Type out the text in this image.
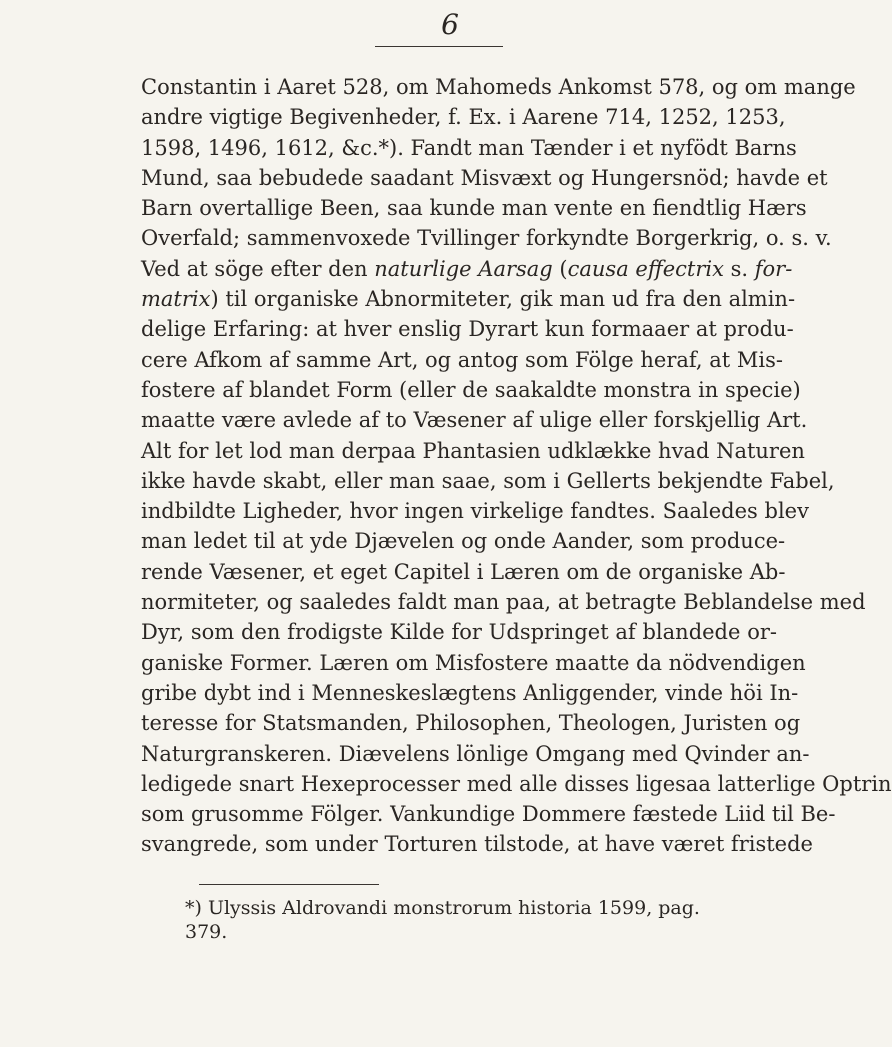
6
Constantin i Aaret 528, om Mahomeds Ankomst 578, og om mange
andre vigtige Begivenheder, f. Ex. i Aarene 714, 1252, 1253,
1598, 1496, 1612, &c.*). Fandt man Tænder i et nyfödt Barns
Mund, saa bebudede saadant Misvæxt og Hungersnöd; havde et
Barn overtallige Been, saa kunde man vente en fiendtlig Hærs
Overfald; sammenvoxede Tvillinger forkyndte Borgerkrig, o. s. v.
Ved at söge efter den naturlige Aarsag (causa effectrix s. for-
matrix) til organiske Abnormiteter, gik man ud fra den almin-
delige Erfaring: at hver enslig Dyrart kun formaaer at produ-
cere Afkom af samme Art, og antog som Fölge heraf, at Mis-
fostere af blandet Form (eller de saakaldte monstra in specie)
maatte være avlede af to Væsener af ulige eller forskjellig Art.
Alt for let lod man derpaa Phantasien udklække hvad Naturen
ikke havde skabt, eller man saae, som i Gellerts bekjendte Fabel,
indbildte Ligheder, hvor ingen virkelige fandtes. Saaledes blev
man ledet til at yde Djævelen og onde Aander, som produce-
rende Væsener, et eget Capitel i Læren om de organiske Ab-
normiteter, og saaledes faldt man paa, at betragte Beblandelse med
Dyr, som den frodigste Kilde for Udspringet af blandede or-
ganiske Former. Læren om Misfostere maatte da nödvendigen
gribe dybt ind i Menneskeslægtens Anliggender, vinde höi In-
teresse for Statsmanden, Philosophen, Theologen, Juristen og
Naturgranskeren. Diævelens lönlige Omgang med Qvinder an-
ledigede snart Hexeprocesser med alle disses ligesaa latterlige Optrin
som grusomme Fölger. Vankundige Dommere fæstede Liid til Be-
svangrede, som under Torturen tilstode, at have været fristede

*) Ulyssis Aldrovandi monstrorum historia 1599, pag. 379.
